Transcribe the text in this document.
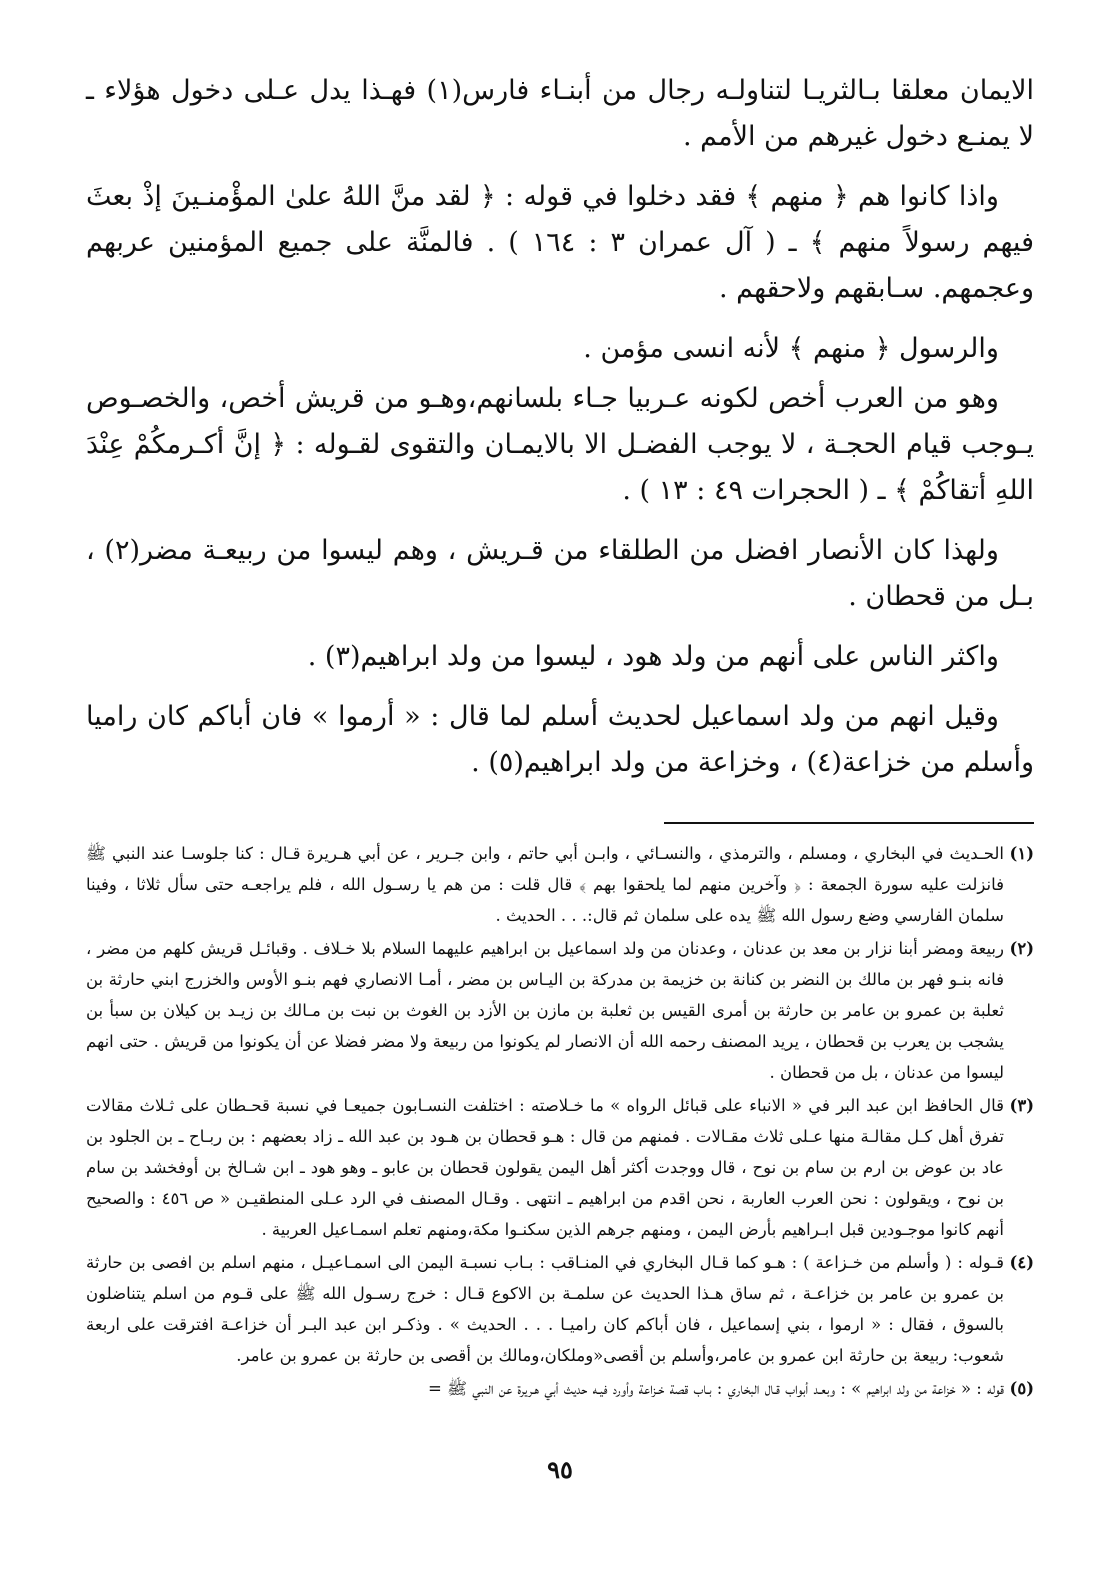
الايمان معلقا بـالثريـا لتناولـه رجال من أبنـاء فارس(١) فهـذا يدل عـلى دخول هؤلاء ـ لا يمنـع دخول غيرهم من الأمم .

واذا كانوا هم ﴿ منهم ﴾ فقد دخلوا في قوله : ﴿ لقد منَّ اللهُ علىٰ المؤْمنـينَ إذْ بعثَ فيهم رسولاً منهم ﴾ ـ ( آل عمران ٣ : ١٦٤ ) . فالمنَّة على جميع المؤمنين عربهم وعجمهم. سـابقهم ولاحقهم .

والرسول ﴿ منهم ﴾ لأنه انسى مؤمن .

وهو من العرب أخص لكونه عـربيا جـاء بلسانهم،وهـو من قريش أخص، والخصـوص يـوجب قيام الحجـة ، لا يوجب الفضـل الا بالايمـان والتقوى لقـوله : ﴿ إنَّ أكـرمكُمْ عِنْدَ اللهِ أتقاكُمْ ﴾ ـ ( الحجرات ٤٩ : ١٣ ) .

ولهذا كان الأنصار افضل من الطلقاء من قـريش ، وهم ليسوا من ربيعـة مضر(٢) ، بـل من قحطان .

واكثر الناس على أنهم من ولد هود ، ليسوا من ولد ابراهيم(٣) .

وقيل انهم من ولد اسماعيل لحديث أسلم لما قال : « أرموا » فان أباكم كان راميا وأسلم من خزاعة(٤) ، وخزاعة من ولد ابراهيم(٥) .

(١)
الحـديث في البخاري ، ومسلم ، والترمذي ، والنسـائي ، وابـن أبي حاتم ، وابن جـرير ، عن أبي هـريرة قـال : كنا جلوسـا عند النبي ﷺ فانزلت عليه سورة الجمعة : ﴿ وآخرين منهم لما يلحقوا بهم ﴾ قال قلت : من هم يا رسـول الله ، فلم يراجعـه حتى سأل ثلاثا ، وفينا سلمان الفارسي وضع رسول الله ﷺ يده على سلمان ثم قال:. . . الحديث .
(٢)
ربيعة ومضر أبنا نزار بن معد بن عدنان ، وعدنان من ولد اسماعيل بن ابراهيم عليهما السلام بلا خـلاف . وقبائـل قريش كلهم من مضر ، فانه بنـو فهر بن مالك بن النضر بن كنانة بن خزيمة بن مدركة بن اليـاس بن مضر ، أمـا الانصاري فهم بنـو الأوس والخزرج ابني حارثة بن ثعلبة بن عمرو بن عامر بن حارثة بن أمرى القيس بن ثعلبة بن مازن بن الأزد بن الغوث بن نبت بن مـالك بن زيـد بن كيلان بن سبأ بن يشجب بن يعرب بن قحطان ، يريد المصنف رحمه الله أن الانصار لم يكونوا من ربيعة ولا مضر فضلا عن أن يكونوا من قريش . حتى انهم ليسوا من عدنان ، بل من قحطان .
(٣)
قال الحافظ ابن عبد البر في « الانباء على قبائل الرواه » ما خـلاصته : اختلفت النسـابون جميعـا في نسبة قحـطان على ثـلاث مقالات تفرق أهل كـل مقالـة منها عـلى ثلاث مقـالات . فمنهم من قال : هـو قحطان بن هـود بن عبد الله ـ زاد بعضهم : بن ربـاح ـ بن الجلود بن عاد بن عوض بن ارم بن سام بن نوح ، قال ووجدت أكثر أهل اليمن يقولون قحطان بن عابو ـ وهو هود ـ ابن شـالخ بن أوفخشد بن سام بن نوح ، ويقولون : نحن العرب العاربة ، نحن اقدم من ابراهيم ـ انتهى . وقـال المصنف في الرد عـلى المنطقيـن « ص ٤٥٦ : والصحيح أنهم كانوا موجـودين قبل ابـراهيم بأرض اليمن ، ومنهم جرهم الذين سكنـوا مكة،ومنهم تعلم اسمـاعيل العربية .
(٤)
قـوله : ( وأسلم من خـزاعة ) : هـو كما قـال البخاري في المنـاقب : بـاب نسبـة اليمن الى اسمـاعيـل ، منهم اسلم بن افصى بن حارثة بن عمرو بن عامر بن خزاعـة ، ثم ساق هـذا الحديث عن سلمـة بن الاكوع قـال : خرج رسـول الله ﷺ على قـوم من اسلم يتناضلون بالسوق ، فقال : « ارموا ، بني إسماعيل ، فان أباكم كان راميـا . . . الحديث » . وذكـر ابن عبد البـر أن خزاعـة افترقت على اربعة شعوب: ربيعة بن حارثة ابن عمرو بن عامر،وأسلم بن أقصى«وملكان،ومالك بن أقصى بن حارثة بن عمرو بن عامر.
(٥)
قوله : « خزاعة من ولد ابراهيم » : وبعـد أبواب قـال البخاري : بـاب قصة خـزاعة وأورد فيـه حديث أبي هـريرة عن النبي ﷺ =
٩٥
